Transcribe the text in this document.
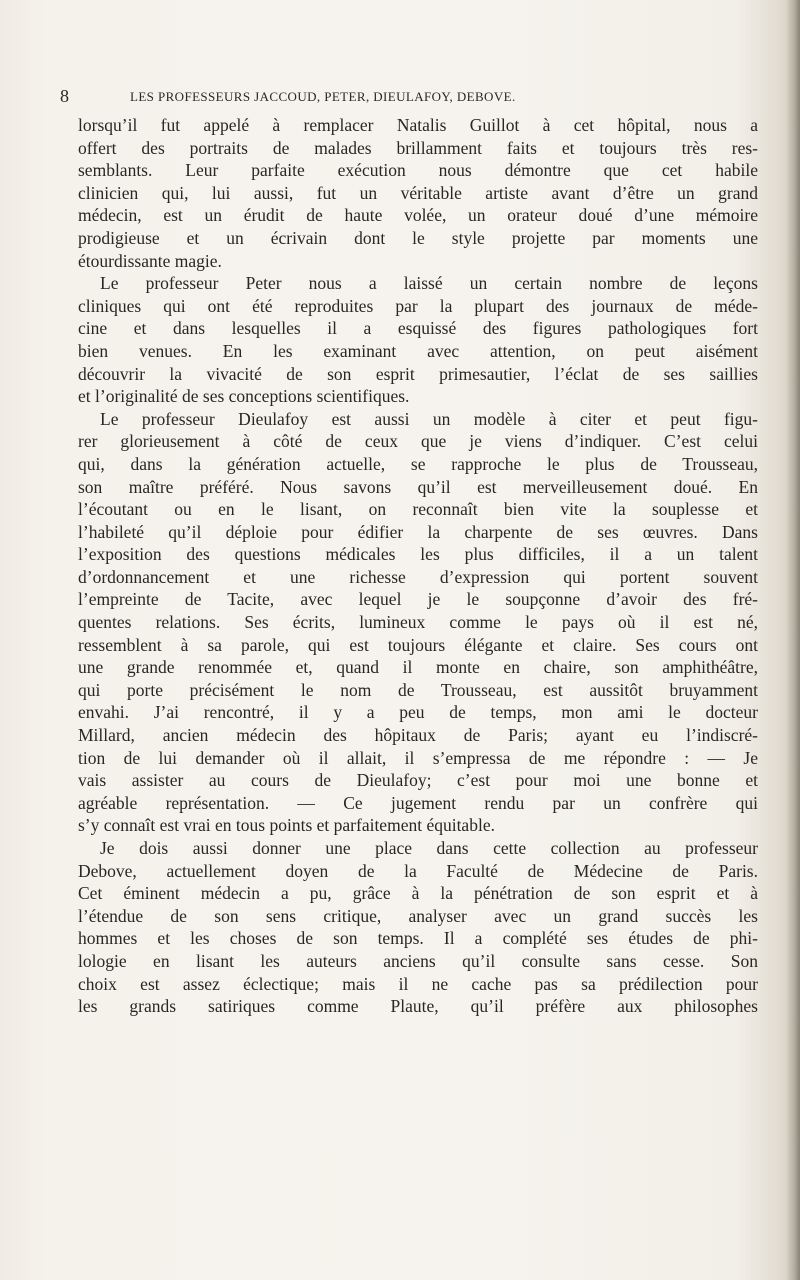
8	LES PROFESSEURS JACCOUD, PETER, DIEULAFOY, DEBOVE.
lorsqu’il fut appelé à remplacer Natalis Guillot à cet hôpital, nous a
offert des portraits de malades brillamment faits et toujours très res-
semblants. Leur parfaite exécution nous démontre que cet habile
clinicien qui, lui aussi, fut un véritable artiste avant d’être un grand
médecin, est un érudit de haute volée, un orateur doué d’une mémoire
prodigieuse et un écrivain dont le style projette par moments une
étourdissante magie.
Le professeur Peter nous a laissé un certain nombre de leçons
cliniques qui ont été reproduites par la plupart des journaux de méde-
cine et dans lesquelles il a esquissé des figures pathologiques fort
bien venues. En les examinant avec attention, on peut aisément
découvrir la vivacité de son esprit primesautier, l’éclat de ses saillies
et l’originalité de ses conceptions scientifiques.
Le professeur Dieulafoy est aussi un modèle à citer et peut figu-
rer glorieusement à côté de ceux que je viens d’indiquer. C’est celui
qui, dans la génération actuelle, se rapproche le plus de Trousseau,
son maître préféré. Nous savons qu’il est merveilleusement doué. En
l’écoutant ou en le lisant, on reconnaît bien vite la souplesse et
l’habileté qu’il déploie pour édifier la charpente de ses œuvres. Dans
l’exposition des questions médicales les plus difficiles, il a un talent
d’ordonnancement et une richesse d’expression qui portent souvent
l’empreinte de Tacite, avec lequel je le soupçonne d’avoir des fré-
quentes relations. Ses écrits, lumineux comme le pays où il est né,
ressemblent à sa parole, qui est toujours élégante et claire. Ses cours ont
une grande renommée et, quand il monte en chaire, son amphithéâtre,
qui porte précisément le nom de Trousseau, est aussitôt bruyamment
envahi. J’ai rencontré, il y a peu de temps, mon ami le docteur
Millard, ancien médecin des hôpitaux de Paris; ayant eu l’indiscré-
tion de lui demander où il allait, il s’empressa de me répondre : — Je
vais assister au cours de Dieulafoy; c’est pour moi une bonne et
agréable représentation. — Ce jugement rendu par un confrère qui
s’y connaît est vrai en tous points et parfaitement équitable.
Je dois aussi donner une place dans cette collection au professeur
Debove, actuellement doyen de la Faculté de Médecine de Paris.
Cet éminent médecin a pu, grâce à la pénétration de son esprit et à
l’étendue de son sens critique, analyser avec un grand succès les
hommes et les choses de son temps. Il a complété ses études de phi-
lologie en lisant les auteurs anciens qu’il consulte sans cesse. Son
choix est assez éclectique; mais il ne cache pas sa prédilection pour
les grands satiriques comme Plaute, qu’il préfère aux philosophes
